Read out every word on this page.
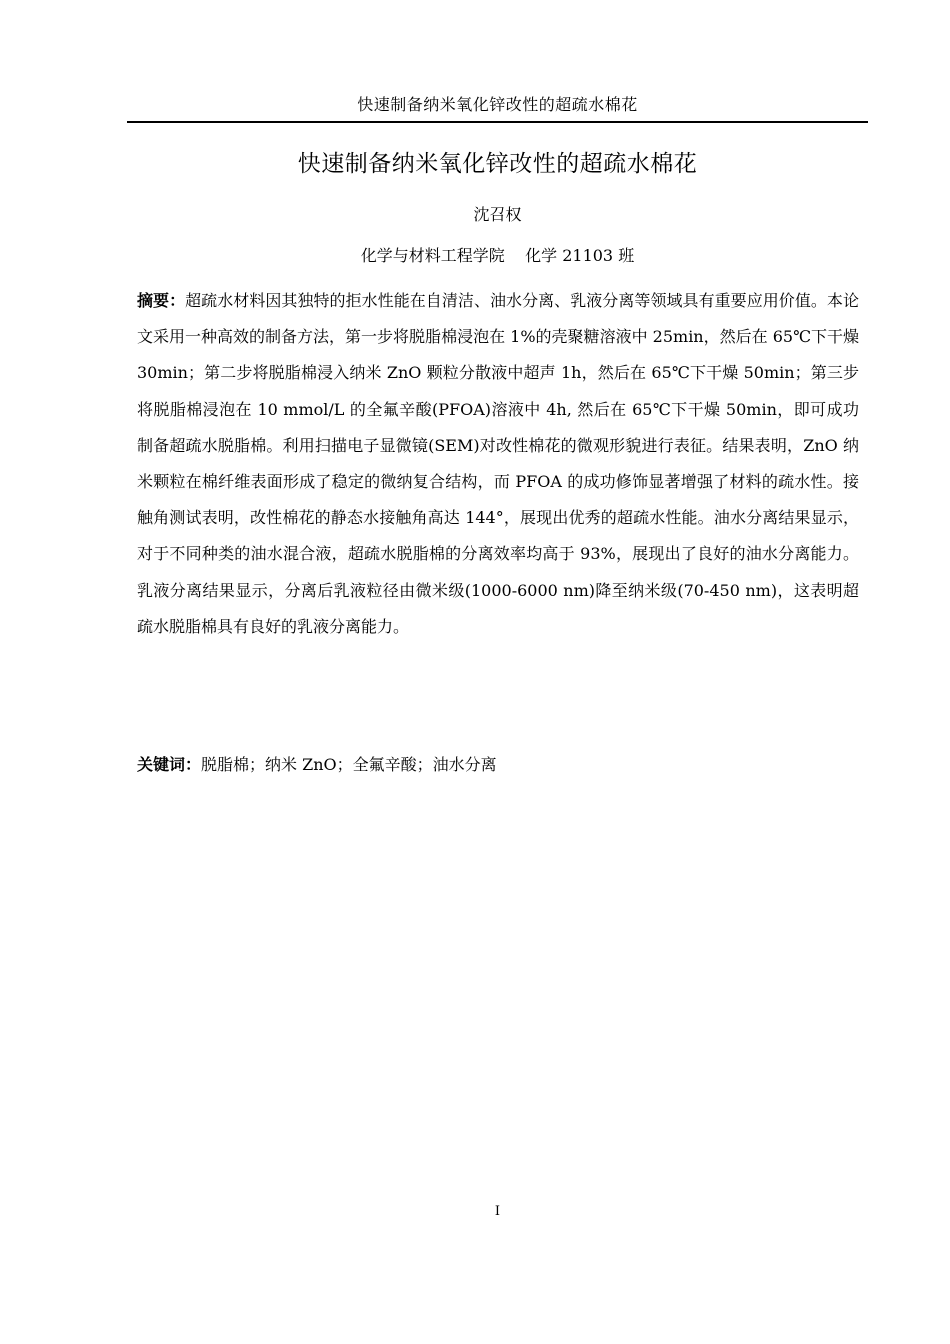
快速制备纳米氧化锌改性的超疏水棉花
快速制备纳米氧化锌改性的超疏水棉花
沈召权
化学与材料工程学院    化学 21103 班

摘要：超疏水材料因其独特的拒水性能在自清洁、油水分离、乳液分离等领域具有重要应用价值。本论文采用一种高效的制备方法，第一步将脱脂棉浸泡在 1%的壳聚糖溶液中 25min，然后在 65℃下干燥 30min；第二步将脱脂棉浸入纳米 ZnO 颗粒分散液中超声 1h，然后在 65℃下干燥 50min；第三步将脱脂棉浸泡在 10 mmol/L 的全氟辛酸(PFOA)溶液中 4h, 然后在 65℃下干燥 50min，即可成功制备超疏水脱脂棉。利用扫描电子显微镜(SEM)对改性棉花的微观形貌进行表征。结果表明，ZnO 纳米颗粒在棉纤维表面形成了稳定的微纳复合结构，而 PFOA 的成功修饰显著增强了材料的疏水性。接触角测试表明，改性棉花的静态水接触角高达 144°，展现出优秀的超疏水性能。油水分离结果显示，对于不同种类的油水混合液，超疏水脱脂棉的分离效率均高于 93%，展现出了良好的油水分离能力。乳液分离结果显示，分离后乳液粒径由微米级(1000-6000 nm)降至纳米级(70-450 nm)，这表明超疏水脱脂棉具有良好的乳液分离能力。

关键词：脱脂棉；纳米 ZnO；全氟辛酸；油水分离

I
